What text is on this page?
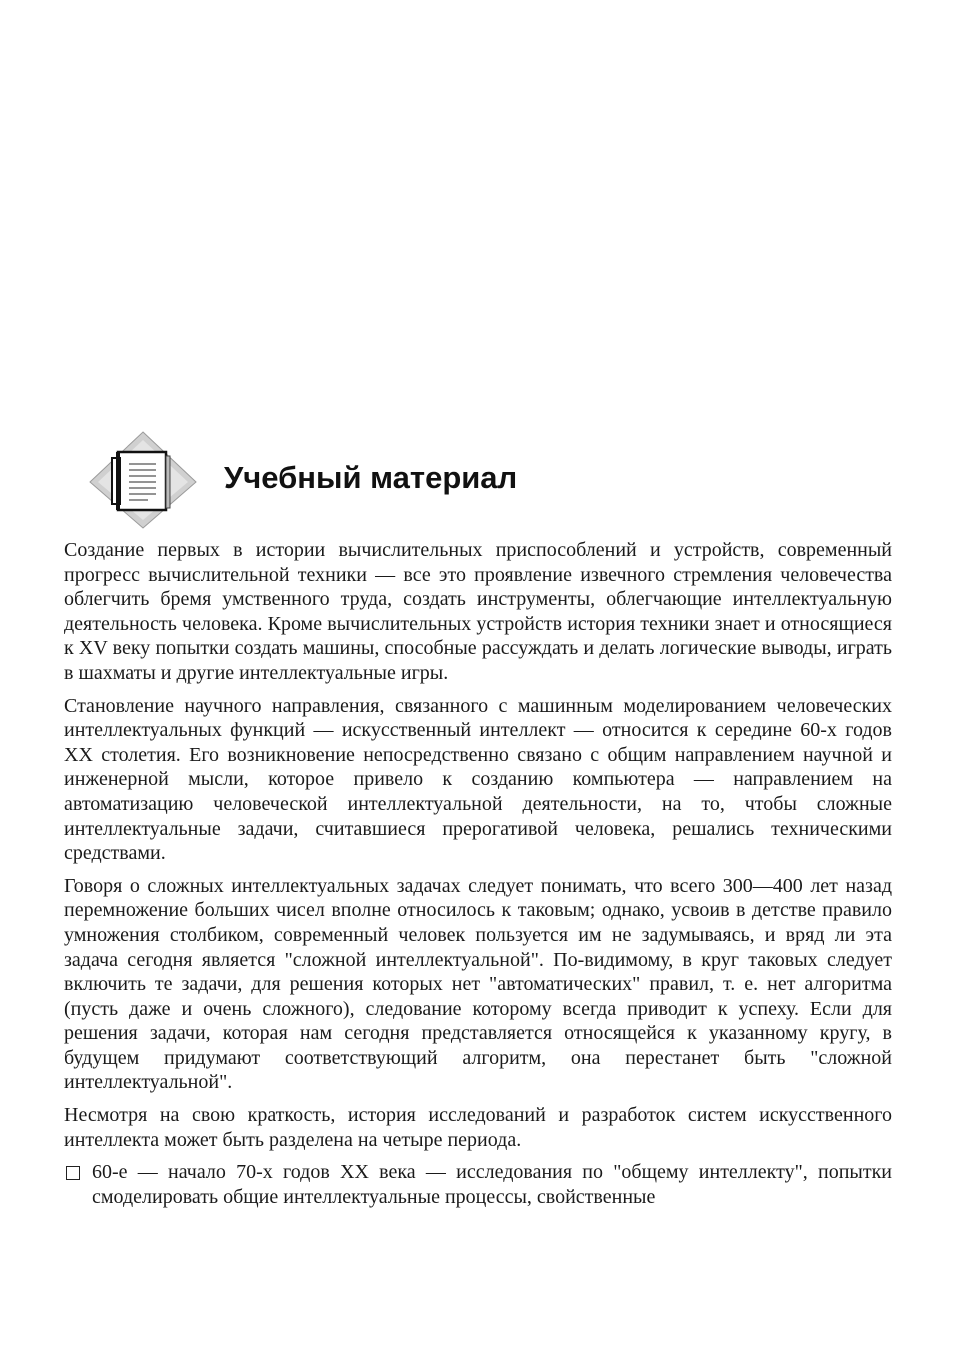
Учебный материал

Создание первых в истории вычислительных приспособлений и устройств, современный прогресс вычислительной техники — все это проявление извечного стремления человечества облегчить бремя умственного труда, создать инструменты, облегчающие интеллектуальную деятельность человека. Кроме вычислительных устройств история техники знает и относящиеся к XV веку попытки создать машины, способные рассуждать и делать логические выводы, играть в шахматы и другие интеллектуальные игры.

Становление научного направления, связанного с машинным моделированием человеческих интеллектуальных функций — искусственный интеллект — относится к середине 60-х годов XX столетия. Его возникновение непосредственно связано с общим направлением научной и инженерной мысли, которое привело к созданию компьютера — направлением на автоматизацию человеческой интеллектуальной деятельности, на то, чтобы сложные интеллектуальные задачи, считавшиеся прерогативой человека, решались техническими средствами.

Говоря о сложных интеллектуальных задачах следует понимать, что всего 300—400 лет назад перемножение больших чисел вполне относилось к таковым; однако, усвоив в детстве правило умножения столбиком, современный человек пользуется им не задумываясь, и вряд ли эта задача сегодня является "сложной интеллектуальной". По-видимому, в круг таковых следует включить те задачи, для решения которых нет "автоматических" правил, т. е. нет алгоритма (пусть даже и очень сложного), следование которому всегда приводит к успеху. Если для решения задачи, которая нам сегодня представляется относящейся к указанному кругу, в будущем придумают соответствующий алгоритм, она перестанет быть "сложной интеллектуальной".

Несмотря на свою краткость, история исследований и разработок систем искусственного интеллекта может быть разделена на четыре периода.

60-е — начало 70-х годов XX века — исследования по "общему интеллекту", попытки смоделировать общие интеллектуальные процессы, свойственные
